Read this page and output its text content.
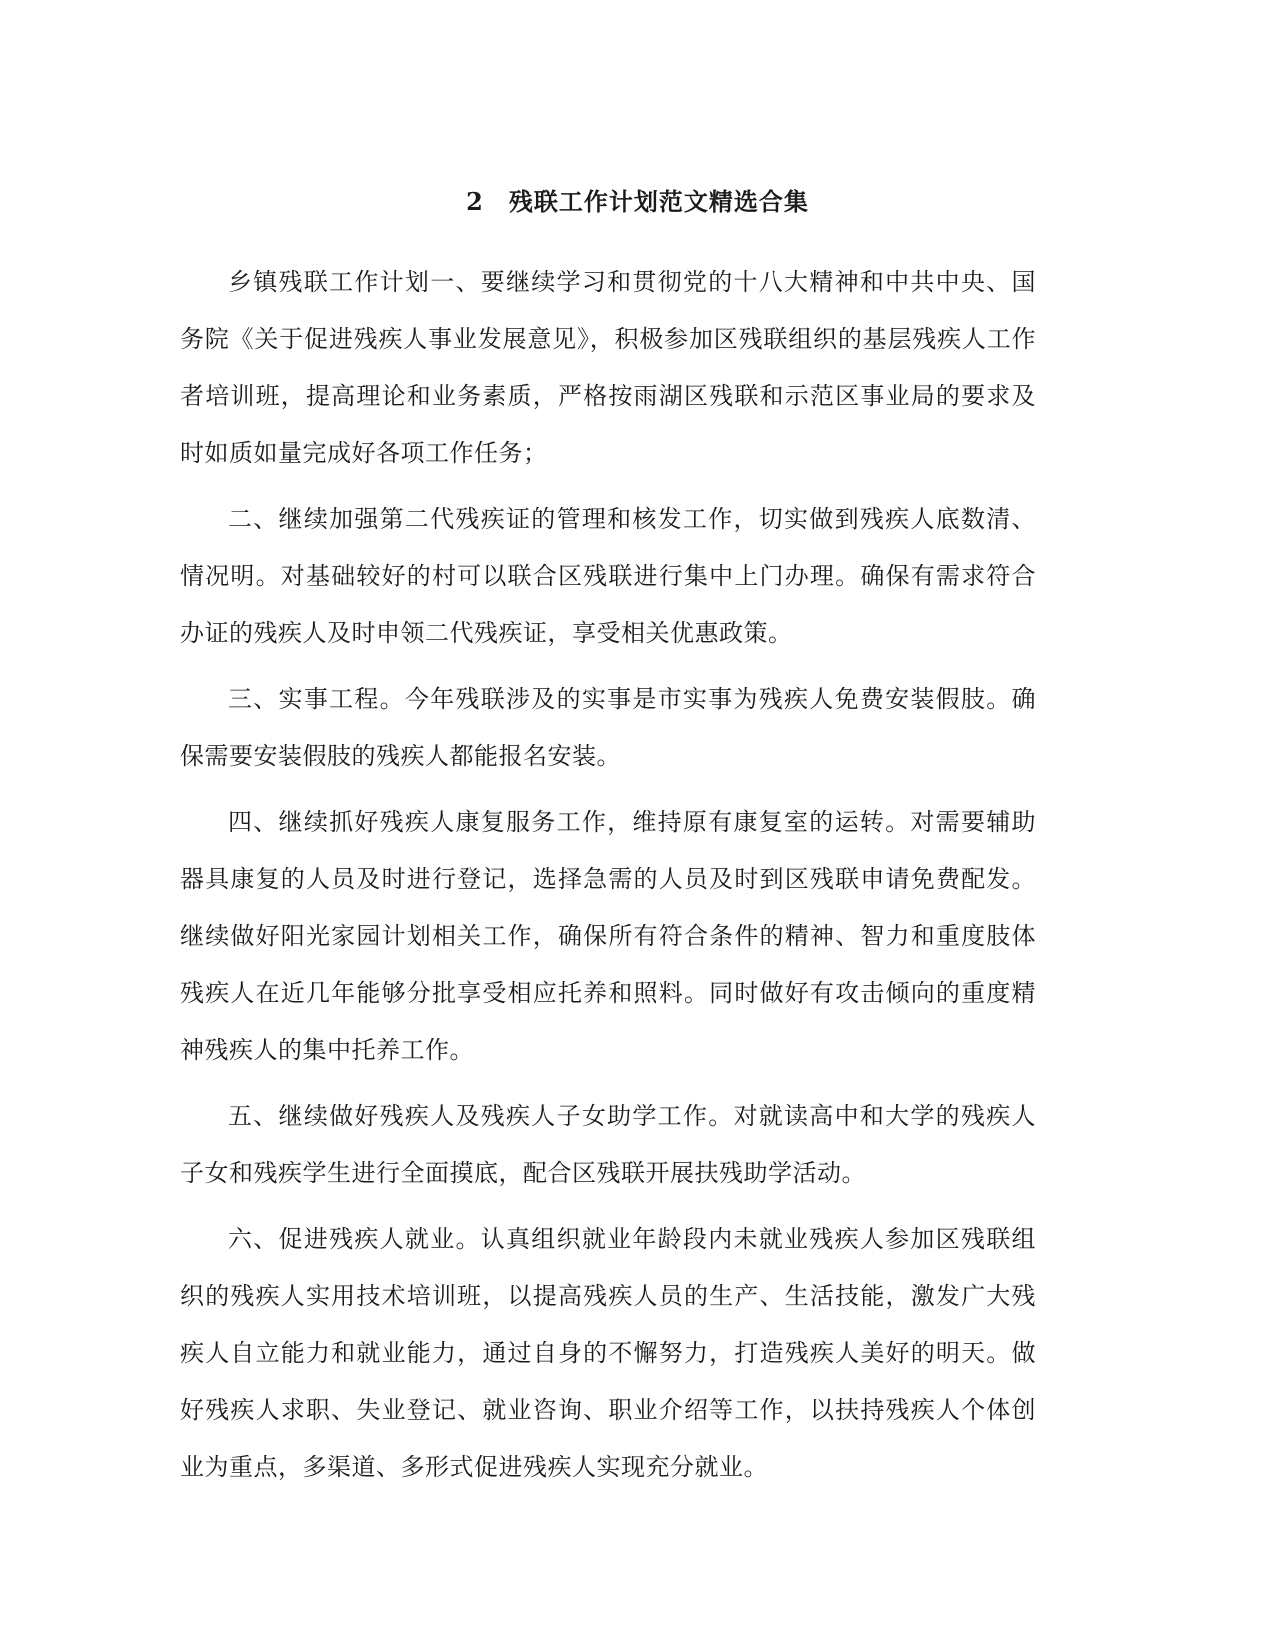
2　残联工作计划范文精选合集

乡镇残联工作计划一、要继续学习和贯彻党的十八大精神和中共中央、国务院《关于促进残疾人事业发展意见》，积极参加区残联组织的基层残疾人工作者培训班，提高理论和业务素质，严格按雨湖区残联和示范区事业局的要求及时如质如量完成好各项工作任务；

二、继续加强第二代残疾证的管理和核发工作，切实做到残疾人底数清、情况明。对基础较好的村可以联合区残联进行集中上门办理。确保有需求符合办证的残疾人及时申领二代残疾证，享受相关优惠政策。

三、实事工程。今年残联涉及的实事是市实事为残疾人免费安装假肢。确保需要安装假肢的残疾人都能报名安装。

四、继续抓好残疾人康复服务工作，维持原有康复室的运转。对需要辅助器具康复的人员及时进行登记，选择急需的人员及时到区残联申请免费配发。继续做好阳光家园计划相关工作，确保所有符合条件的精神、智力和重度肢体残疾人在近几年能够分批享受相应托养和照料。同时做好有攻击倾向的重度精神残疾人的集中托养工作。

五、继续做好残疾人及残疾人子女助学工作。对就读高中和大学的残疾人子女和残疾学生进行全面摸底，配合区残联开展扶残助学活动。

六、促进残疾人就业。认真组织就业年龄段内未就业残疾人参加区残联组织的残疾人实用技术培训班，以提高残疾人员的生产、生活技能，激发广大残疾人自立能力和就业能力，通过自身的不懈努力，打造残疾人美好的明天。做好残疾人求职、失业登记、就业咨询、职业介绍等工作，以扶持残疾人个体创业为重点，多渠道、多形式促进残疾人实现充分就业。
